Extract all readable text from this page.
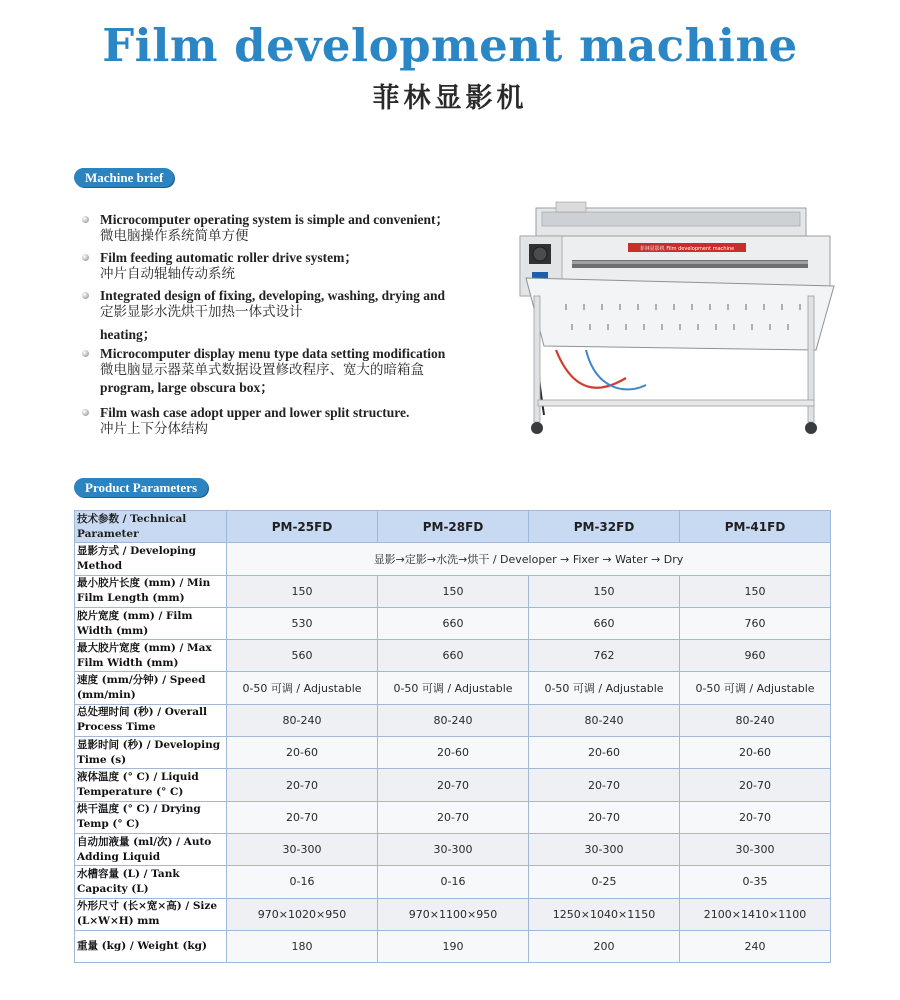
Film development machine
菲林显影机
Machine brief
Microcomputer operating system is simple and convenient；
微电脑操作系统简单方便
Film feeding automatic roller drive system；
冲片自动辊轴传动系统
Integrated design of fixing, developing, washing, drying and
定影显影水洗烘干加热一体式设计
heating；
Microcomputer display menu type data setting modification
微电脑显示器菜单式数据设置修改程序、宽大的暗箱盒
program, large obscura box；
Film wash case adopt upper and lower split structure.
冲片上下分体结构
菲林显影机 Film development machine
Product Parameters
技术参数 / Technical Parameter	PM-25FD	PM-28FD	PM-32FD	PM-41FD
显影方式 / Developing Method	显影→定影→水洗→烘干 / Developer → Fixer → Water → Dry			
最小胶片长度 (mm) / Min Film Length (mm)	150	150	150	150
胶片宽度 (mm) / Film Width (mm)	530	660	660	760
最大胶片宽度 (mm) / Max Film Width (mm)	560	660	762	960
速度 (mm/分钟) / Speed (mm/min)	0-50 可调 / Adjustable	0-50 可调 / Adjustable	0-50 可调 / Adjustable	0-50 可调 / Adjustable
总处理时间 (秒) / Overall Process Time	80-240	80-240	80-240	80-240
显影时间 (秒) / Developing Time (s)	20-60	20-60	20-60	20-60
液体温度 (° C) / Liquid Temperature (° C)	20-70	20-70	20-70	20-70
烘干温度 (° C) / Drying Temp (° C)	20-70	20-70	20-70	20-70
自动加液量 (ml/次) / Auto Adding Liquid	30-300	30-300	30-300	30-300
水槽容量 (L) / Tank Capacity (L)	0-16	0-16	0-25	0-35
外形尺寸 (长×宽×高) / Size (L×W×H) mm	970×1020×950	970×1100×950	1250×1040×1150	2100×1410×1100
重量 (kg) / Weight (kg)	180	190	200	240
